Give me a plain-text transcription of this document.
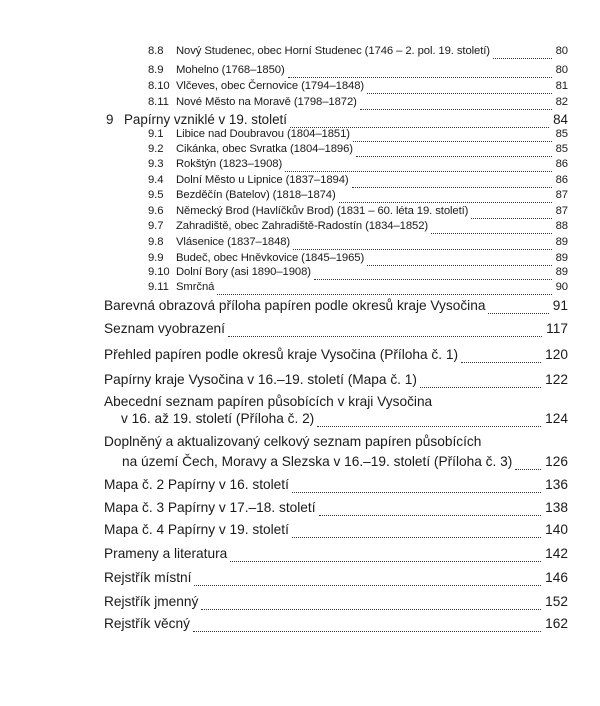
8.8 Nový Studenec, obec Horní Studenec (1746 – 2. pol. 19. století)	80
8.9 Mohelno (1768–1850)	80
8.10 Vlčeves, obec Černovice (1794–1848)	81
8.11 Nové Město na Moravě (1798–1872)	82
9 Papírny vzniklé v 19. století	84
9.1 Libice nad Doubravou (1804–1851)	85
9.2 Cikánka, obec Svratka (1804–1896)	85
9.3 Rokštýn (1823–1908)	86
9.4 Dolní Město u Lipnice (1837–1894)	86
9.5 Bezděčín (Batelov) (1818–1874)	87
9.6 Německý Brod (Havlíčkův Brod) (1831 – 60. léta 19. století)	87
9.7 Zahradiště, obec Zahradiště-Radostín (1834–1852)	88
9.8 Vlásenice (1837–1848)	89
9.9 Budeč, obec Hněvkovice (1845–1965)	89
9.10 Dolní Bory (asi 1890–1908)	89
9.11 Smrčná	90
Barevná obrazová příloha papíren podle okresů kraje Vysočina	91
Seznam vyobrazení	117
Přehled papíren podle okresů kraje Vysočina (Příloha č. 1)	120
Papírny kraje Vysočina v 16.–19. století (Mapa č. 1)	122
Abecední seznam papíren působících v kraji Vysočina
v 16. až 19. století (Příloha č. 2)	124
Doplněný a aktualizovaný celkový seznam papíren působících
na území Čech, Moravy a Slezska v 16.–19. století (Příloha č. 3) 126
Mapa č. 2 Papírny v 16. století	136
Mapa č. 3 Papírny v 17.–18. století	138
Mapa č. 4 Papírny v 19. století	140
Prameny a literatura	142
Rejstřík místní	146
Rejstřík jmenný	152
Rejstřík věcný	162
